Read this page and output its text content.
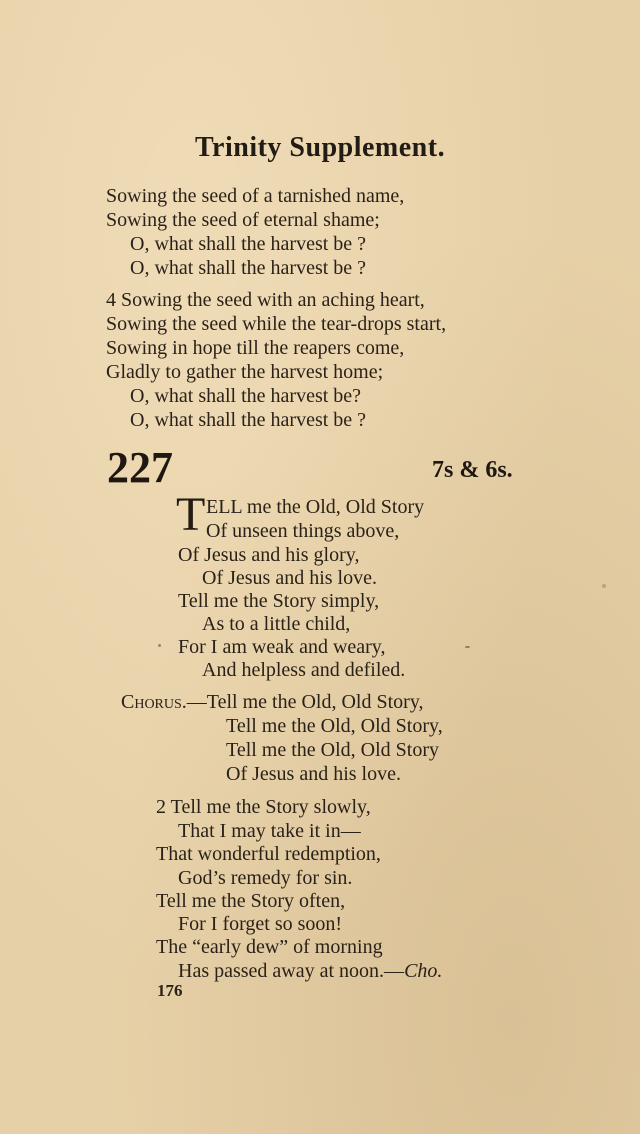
Trinity Supplement.
Sowing the seed of a tarnished name,
Sowing the seed of eternal shame;
O, what shall the harvest be ?
O, what shall the harvest be ?
4 Sowing the seed with an aching heart,
Sowing the seed while the tear-drops start,
Sowing in hope till the reapers come,
Gladly to gather the harvest home;
O, what shall the harvest be?
O, what shall the harvest be ?
227	7s & 6s.
T ELL me the Old, Old Story
Of unseen things above,
Of Jesus and his glory,
Of Jesus and his love.
Tell me the Story simply,
As to a little child,
For I am weak and weary,
And helpless and defiled.
Chorus.—Tell me the Old, Old Story,
Tell me the Old, Old Story,
Tell me the Old, Old Story
Of Jesus and his love.
2 Tell me the Story slowly,
That I may take it in—
That wonderful redemption,
God’s remedy for sin.
Tell me the Story often,
For I forget so soon!
The “early dew” of morning
Has passed away at noon.—Cho.
176
